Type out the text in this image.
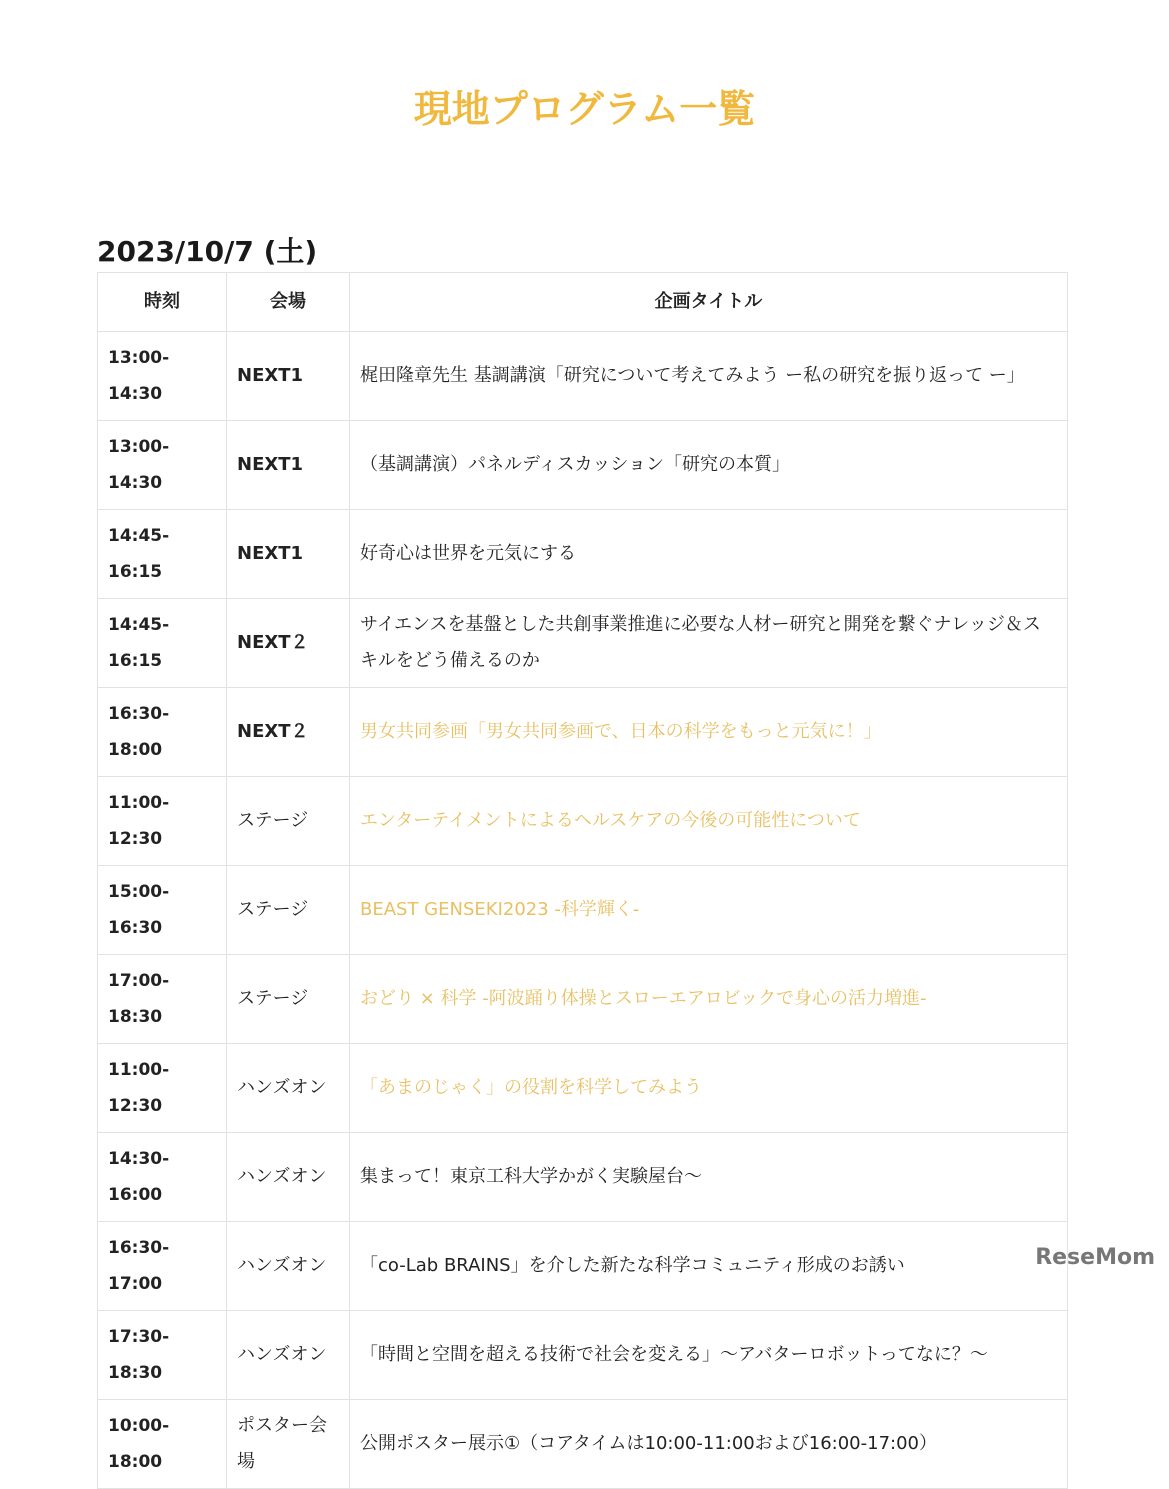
現地プログラム一覧
2023/10/7 (土)
時刻	会場	企画タイトル
13:00-14:30	NEXT1	梶田隆章先生 基調講演「研究について考えてみよう ー私の研究を振り返って ー」
13:00-14:30	NEXT1	（基調講演）パネルディスカッション「研究の本質」
14:45-16:15	NEXT1	好奇心は世界を元気にする
14:45-16:15	NEXT２	サイエンスを基盤とした共創事業推進に必要な人材ー研究と開発を繋ぐナレッジ＆スキルをどう備えるのか
16:30-18:00	NEXT２	男女共同参画「男女共同参画で、日本の科学をもっと元気に！」
11:00-12:30	ステージ	エンターテイメントによるヘルスケアの今後の可能性について
15:00-16:30	ステージ	BEAST GENSEKI2023 -科学輝く-
17:00-18:30	ステージ	おどり × 科学 -阿波踊り体操とスローエアロビックで身心の活力増進-
11:00-12:30	ハンズオン	「あまのじゃく」の役割を科学してみよう
14:30-16:00	ハンズオン	集まって！東京工科大学かがく実験屋台〜
16:30-17:00	ハンズオン	「co-Lab BRAINS」を介した新たな科学コミュニティ形成のお誘い
17:30-18:30	ハンズオン	「時間と空間を超える技術で社会を変える」〜アバターロボットってなに？〜
10:00-18:00	ポスター会場	公開ポスター展示①（コアタイムは10:00-11:00および16:00-17:00）
ReseMom
